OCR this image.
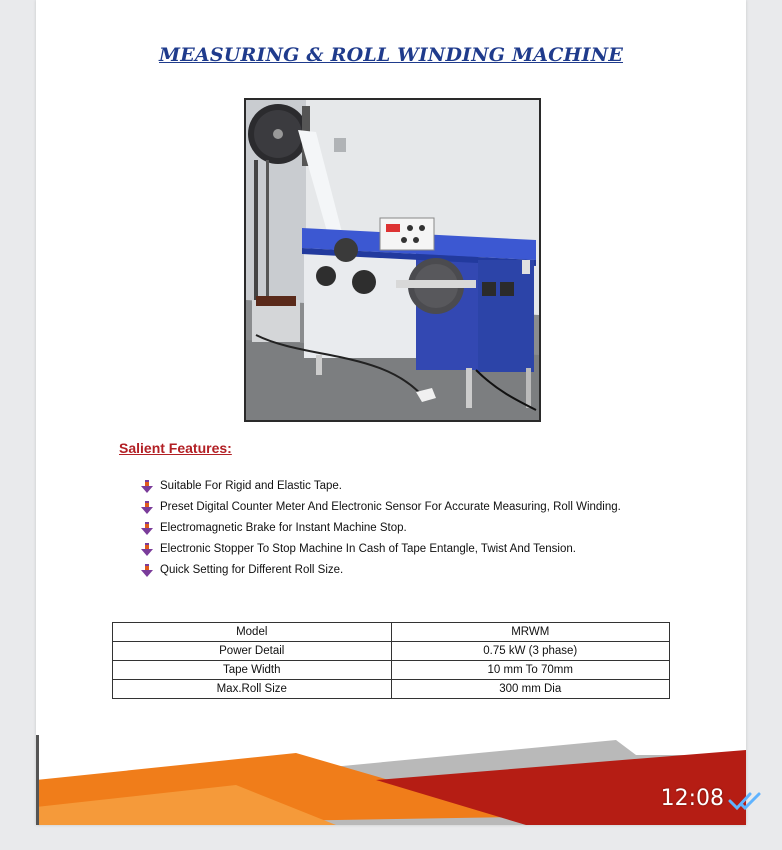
MEASURING & ROLL WINDING MACHINE
Salient Features:
Suitable For Rigid and Elastic Tape.
Preset Digital Counter Meter And Electronic Sensor For Accurate Measuring, Roll Winding.
Electromagnetic Brake for Instant Machine Stop.
Electronic Stopper To Stop Machine In Cash of Tape Entangle, Twist And Tension.
Quick Setting for Different Roll Size.
Model	MRWM
Power Detail	0.75 kW (3 phase)
Tape Width	10 mm To 70mm
Max.Roll Size	300 mm Dia
12:08
